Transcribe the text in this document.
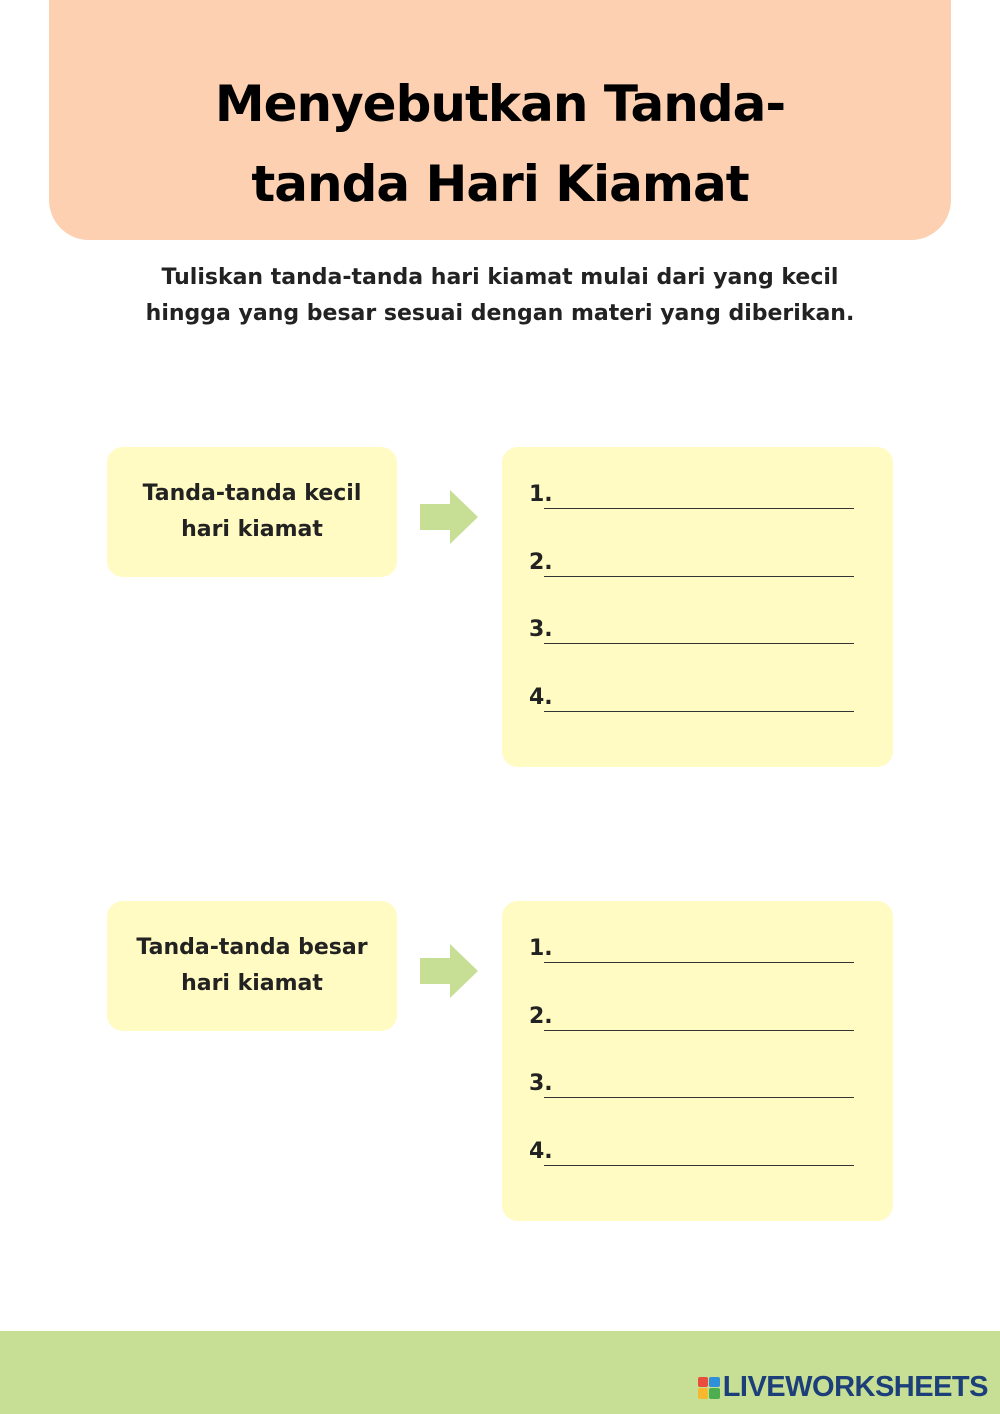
Menyebutkan Tanda-
tanda Hari Kiamat
Tuliskan tanda-tanda hari kiamat mulai dari yang kecil
hingga yang besar sesuai dengan materi yang diberikan.
Tanda-tanda kecil
hari kiamat
1.
2.
3.
4.
Tanda-tanda besar
hari kiamat
1.
2.
3.
4.
LIVEWORKSHEETS
